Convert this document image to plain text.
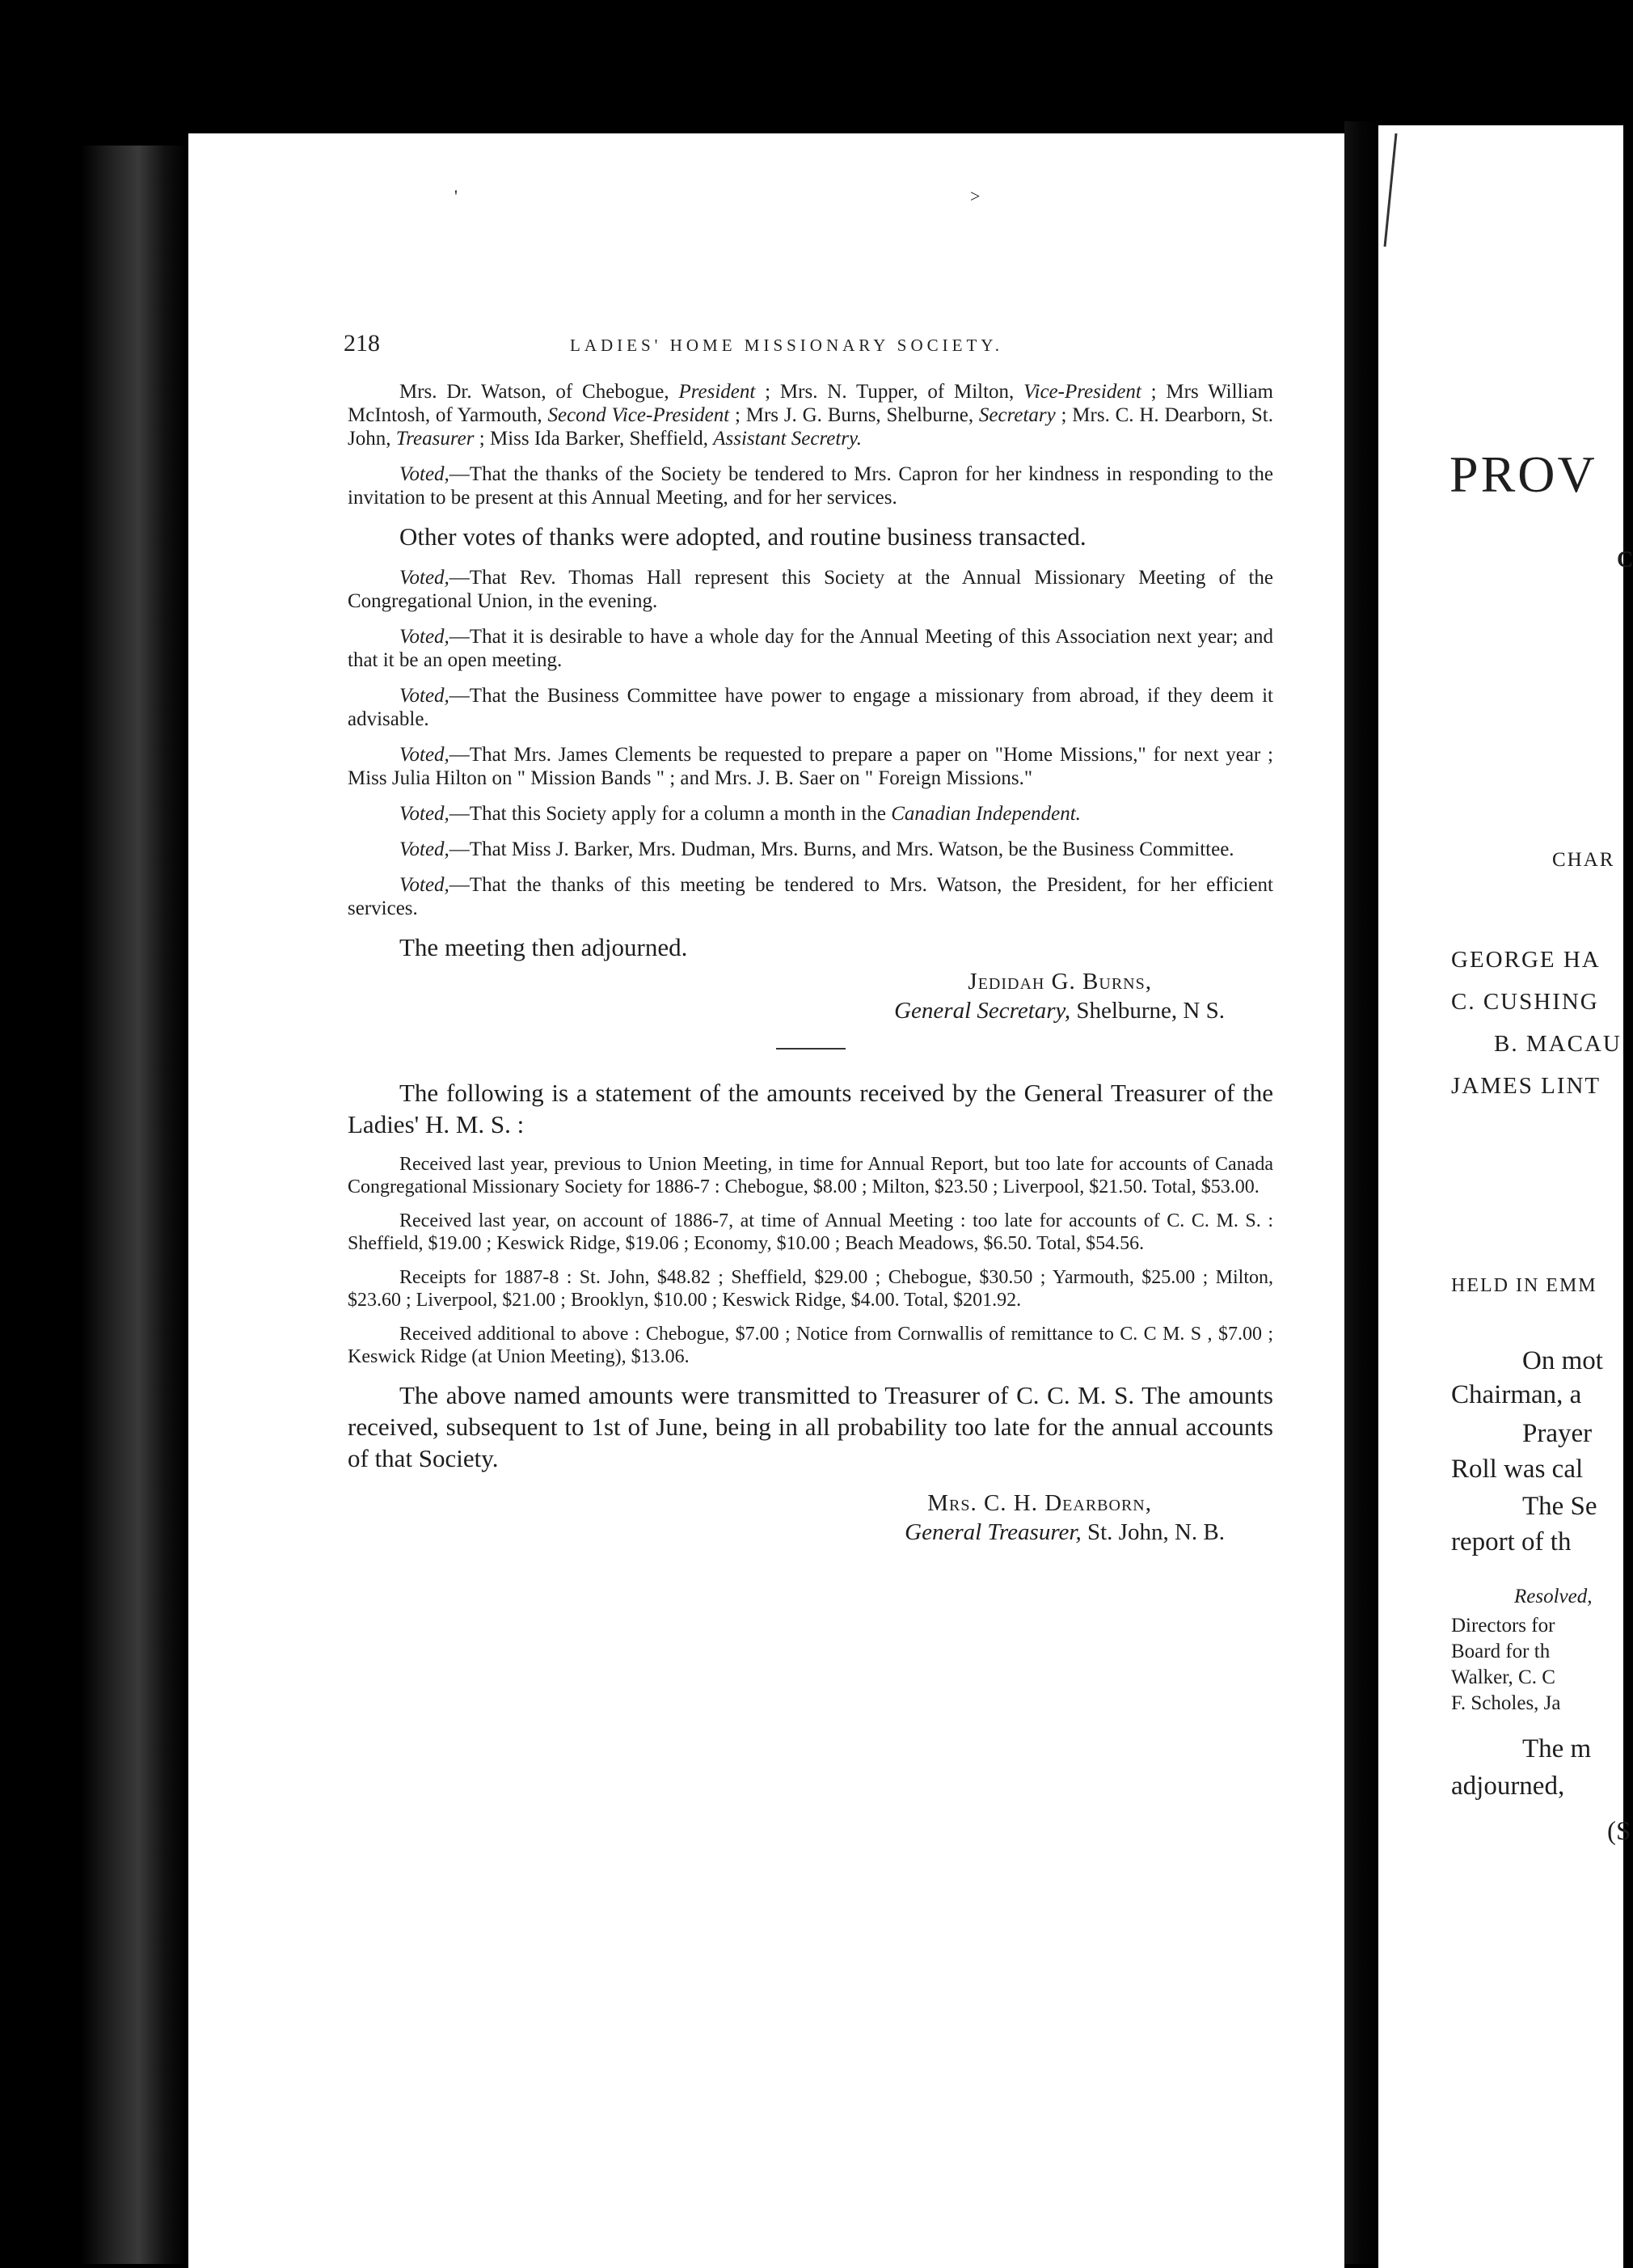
'	>
218	LADIES' HOME MISSIONARY SOCIETY.

Mrs. Dr. Watson, of Chebogue, President ; Mrs. N. Tupper, of Milton, Vice-President ; Mrs William McIntosh, of Yarmouth, Second Vice-President ; Mrs J. G. Burns, Shelburne, Secretary ; Mrs. C. H. Dearborn, St. John, Treasurer ; Miss Ida Barker, Sheffield, Assistant Secretry.

Voted,—That the thanks of the Society be tendered to Mrs. Capron for her kindness in responding to the invitation to be present at this Annual Meeting, and for her services.

Other votes of thanks were adopted, and routine business transacted.

Voted,—That Rev. Thomas Hall represent this Society at the Annual Missionary Meeting of the Congregational Union, in the evening.

Voted,—That it is desirable to have a whole day for the Annual Meeting of this Association next year; and that it be an open meeting.

Voted,—That the Business Committee have power to engage a missionary from abroad, if they deem it advisable.

Voted,—That Mrs. James Clements be requested to prepare a paper on "Home Missions," for next year ; Miss Julia Hilton on " Mission Bands " ; and Mrs. J. B. Saer on " Foreign Missions."

Voted,—That this Society apply for a column a month in the Canadian Independent.

Voted,—That Miss J. Barker, Mrs. Dudman, Mrs. Burns, and Mrs. Watson, be the Business Committee.

Voted,—That the thanks of this meeting be tendered to Mrs. Watson, the President, for her efficient services.

The meeting then adjourned.

Jedidah G. Burns,

General Secretary, Shelburne, N S.

The following is a statement of the amounts received by the General Treasurer of the Ladies' H. M. S. :

Received last year, previous to Union Meeting, in time for Annual Report, but too late for accounts of Canada Congregational Missionary Society for 1886-7 : Chebogue, $8.00 ; Milton, $23.50 ; Liverpool, $21.50. Total, $53.00.

Received last year, on account of 1886-7, at time of Annual Meeting : too late for accounts of C. C. M. S. : Sheffield, $19.00 ; Keswick Ridge, $19.06 ; Economy, $10.00 ; Beach Meadows, $6.50. Total, $54.56.

Receipts for 1887-8 : St. John, $48.82 ; Sheffield, $29.00 ; Chebogue, $30.50 ; Yarmouth, $25.00 ; Milton, $23.60 ; Liverpool, $21.00 ; Brooklyn, $10.00 ; Keswick Ridge, $4.00. Total, $201.92.

Received additional to above : Chebogue, $7.00 ; Notice from Cornwallis of remittance to C. C M. S , $7.00 ; Keswick Ridge (at Union Meeting), $13.06.

The above named amounts were transmitted to Treasurer of C. C. M. S. The amounts received, subsequent to 1st of June, being in all probability too late for the annual accounts of that Society.

Mrs. C. H. Dearborn,

General Treasurer, St. John, N. B.

PROV
C
CHAR
GEORGE HA
C. CUSHING
B. MACAU
JAMES LINT
HELD IN EMM
On mot
Chairman, a
Prayer
Roll was cal
The Se
report of th
Resolved,
Directors for
Board for th
Walker, C. C
F. Scholes, Ja
The m
adjourned,
(S
